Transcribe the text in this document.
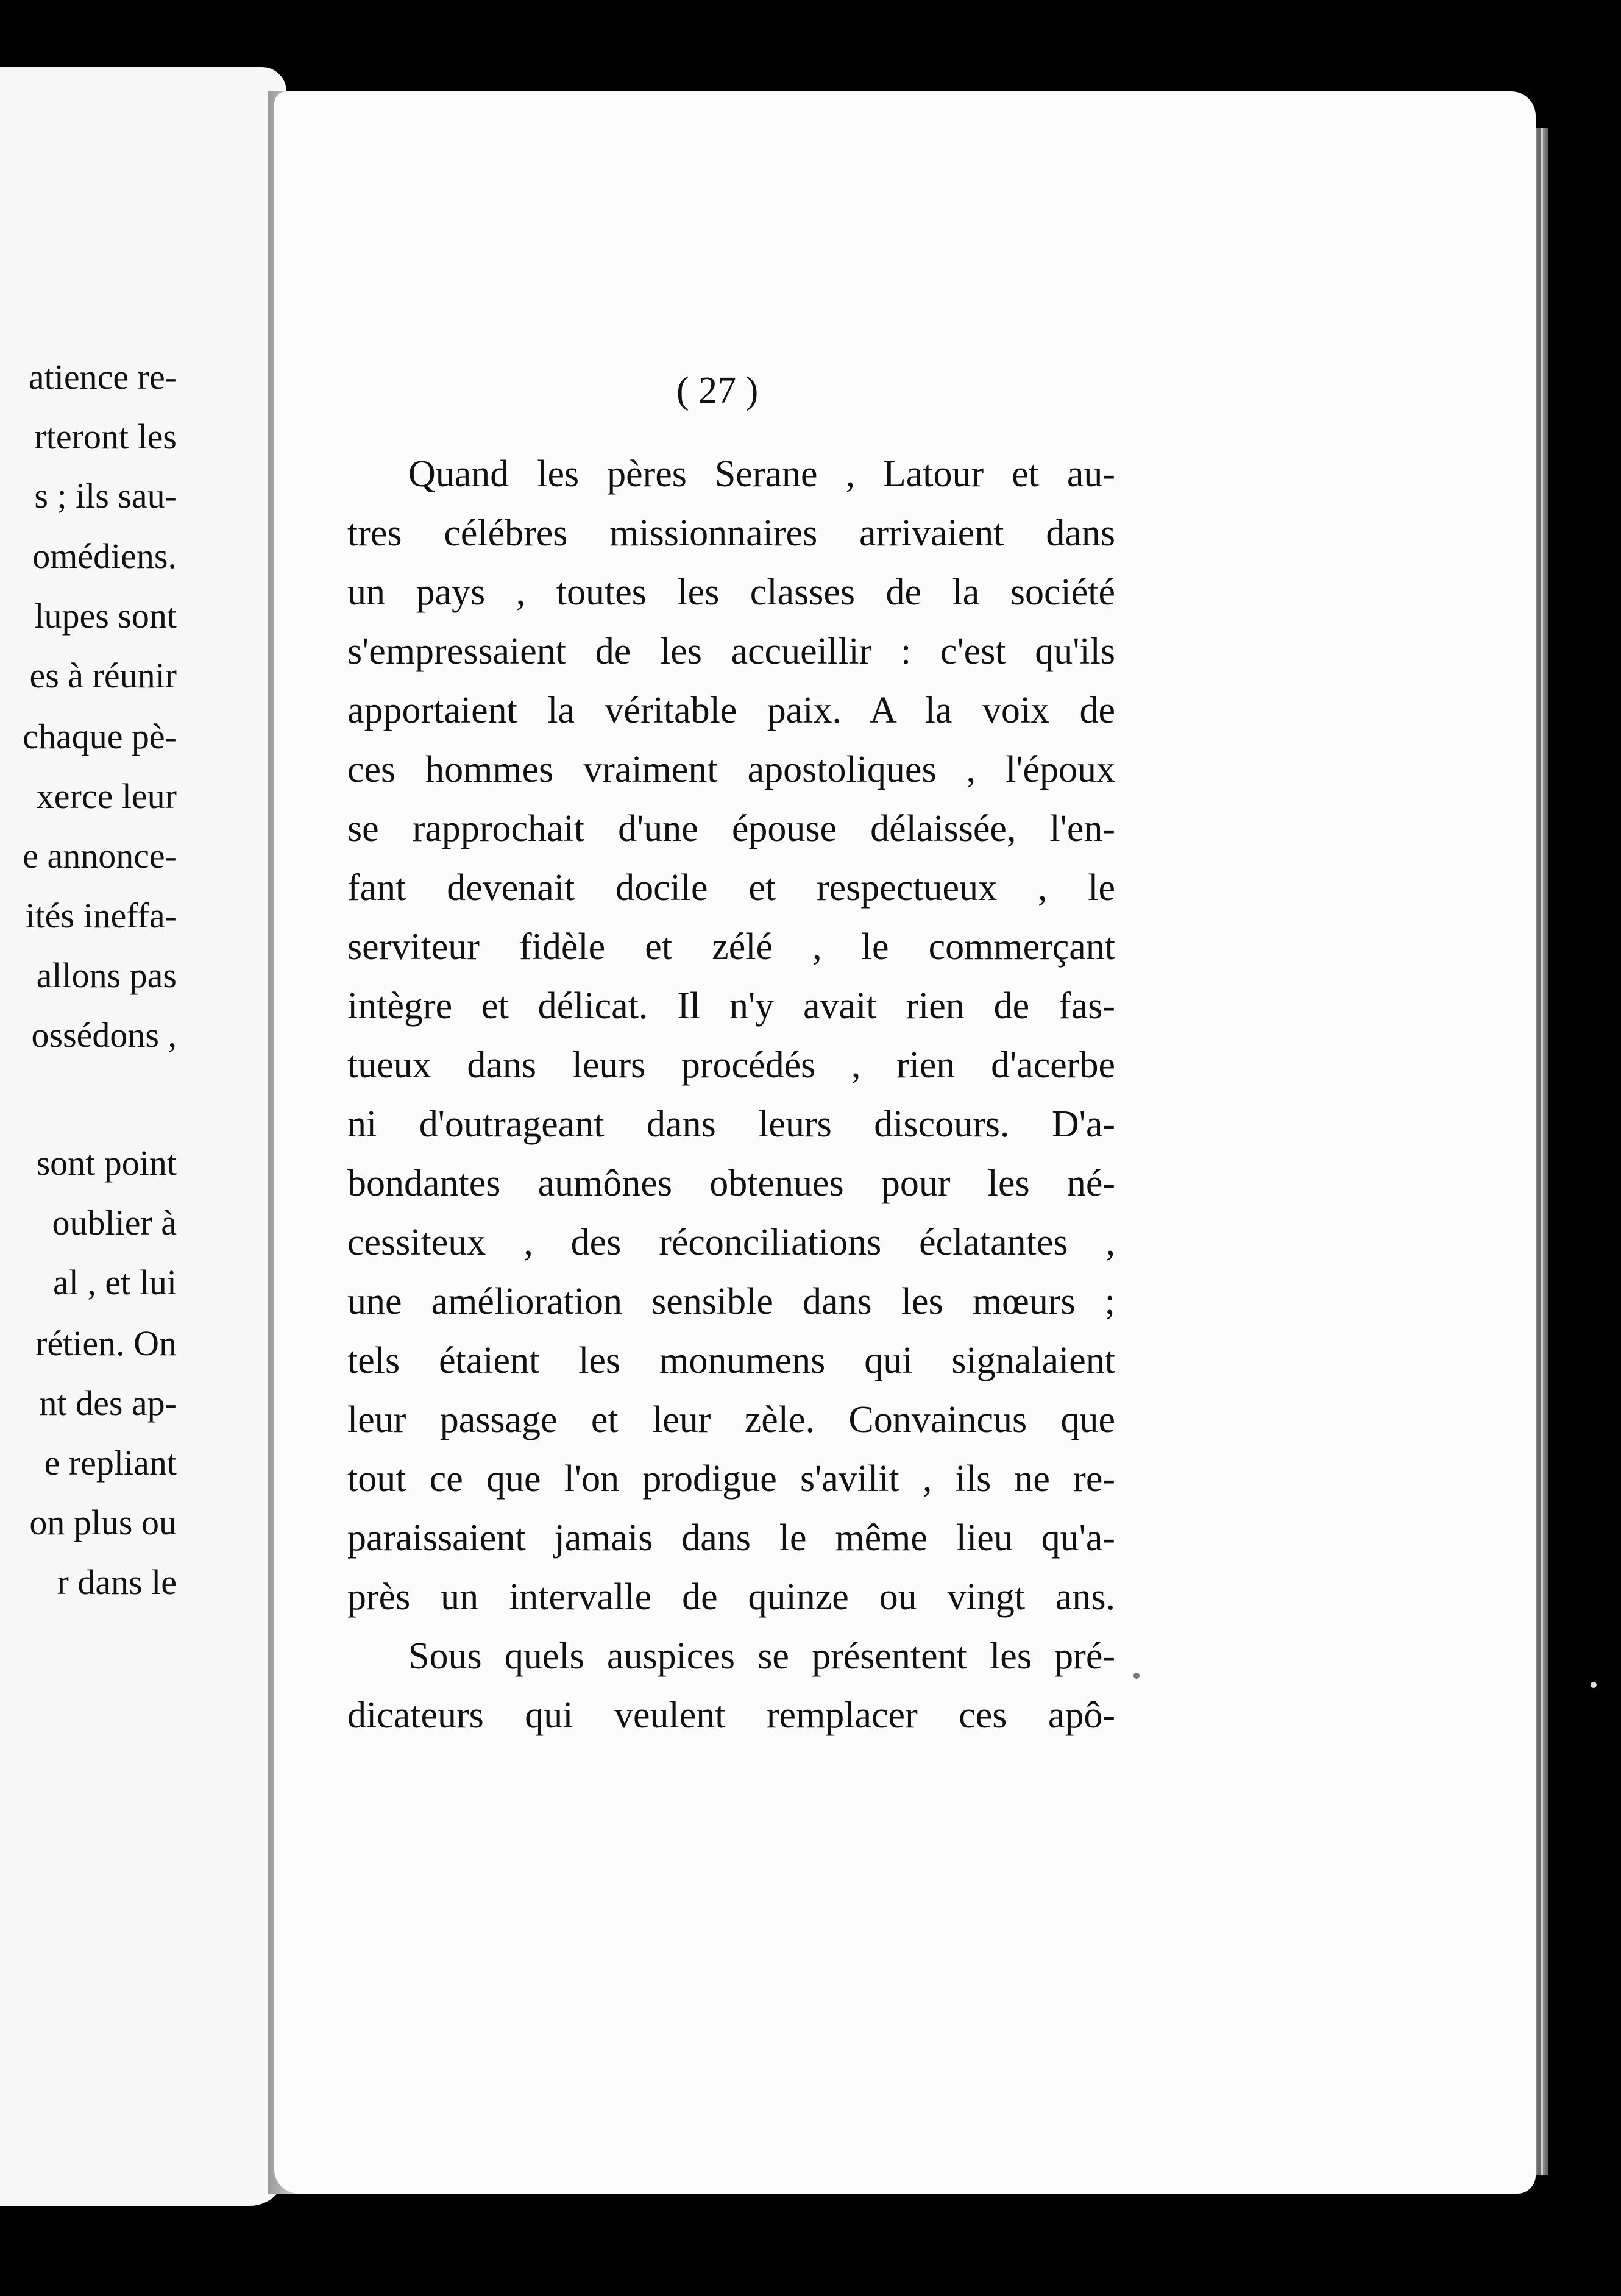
atience re-
rteront les
s ; ils sau-
omédiens.
lupes sont
es à réunir
chaque pè-
xerce leur
e annonce-
ités ineffa-
allons pas
ossédons ,
sont point
oublier à
al , et lui
rétien. On
nt des ap-
e repliant
on plus ou
r dans le
( 27 )
Quand les pères Serane , Latour et au-
tres célébres missionnaires arrivaient dans
un pays , toutes les classes de la société
s'empressaient de les accueillir : c'est qu'ils
apportaient la véritable paix. A la voix de
ces hommes vraiment apostoliques , l'époux
se rapprochait d'une épouse délaissée, l'en-
fant devenait docile et respectueux , le
serviteur fidèle et zélé , le commerçant
intègre et délicat. Il n'y avait rien de fas-
tueux dans leurs procédés , rien d'acerbe
ni d'outrageant dans leurs discours. D'a-
bondantes aumônes obtenues pour les né-
cessiteux , des réconciliations éclatantes ,
une amélioration sensible dans les mœurs ;
tels étaient les monumens qui signalaient
leur passage et leur zèle. Convaincus que
tout ce que l'on prodigue s'avilit , ils ne re-
paraissaient jamais dans le même lieu qu'a-
près un intervalle de quinze ou vingt ans.
Sous quels auspices se présentent les pré-
dicateurs qui veulent remplacer ces apô-
